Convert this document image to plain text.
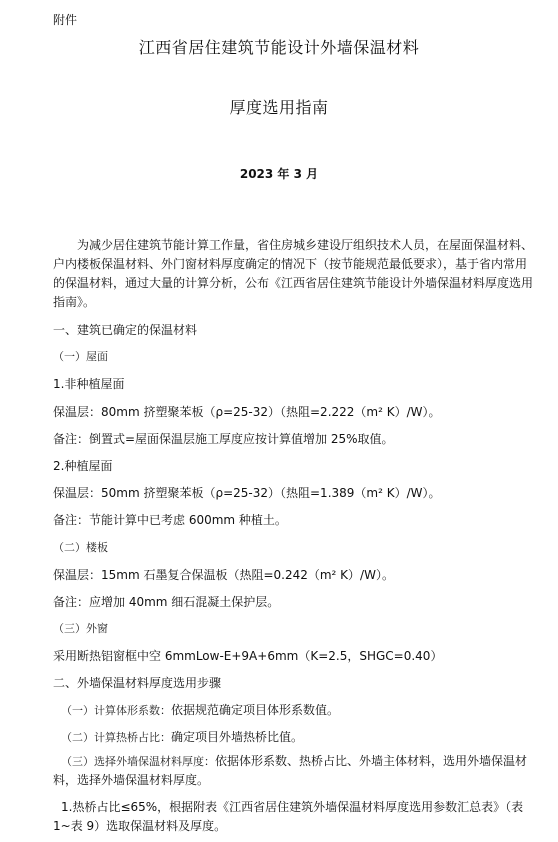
附件
江西省居住建筑节能设计外墙保温材料
厚度选用指南
2023 年 3 月

为减少居住建筑节能计算工作量，省住房城乡建设厅组织技术人员，在屋面保温材料、户内楼板保温材料、外门窗材料厚度确定的情况下（按节能规范最低要求），基于省内常用的保温材料，通过大量的计算分析，公布《江西省居住建筑节能设计外墙保温材料厚度选用指南》。

一、建筑已确定的保温材料
（一）屋面
1.非种植屋面
保温层：80mm 挤塑聚苯板（ρ=25-32）（热阻=2.222（m² K）/W）。
备注：倒置式=屋面保温层施工厚度应按计算值增加 25%取值。
2.种植屋面
保温层：50mm 挤塑聚苯板（ρ=25-32）（热阻=1.389（m² K）/W）。
备注：节能计算中已考虑 600mm 种植土。
（二）楼板
保温层：15mm 石墨复合保温板（热阻=0.242（m² K）/W）。
备注：应增加 40mm 细石混凝土保护层。
（三）外窗
采用断热铝窗框中空 6mmLow-E+9A+6mm（K=2.5，SHGC=0.40）
二、外墙保温材料厚度选用步骤
（一）计算体形系数：依据规范确定项目体形系数值。
（二）计算热桥占比：确定项目外墙热桥比值。

（三）选择外墙保温材料厚度：依据体形系数、热桥占比、外墙主体材料，选用外墙保温材料，选择外墙保温材料厚度。

1.热桥占比≤65%，根据附表《江西省居住建筑外墙保温材料厚度选用参数汇总表》（表 1~表 9）选取保温材料及厚度。
